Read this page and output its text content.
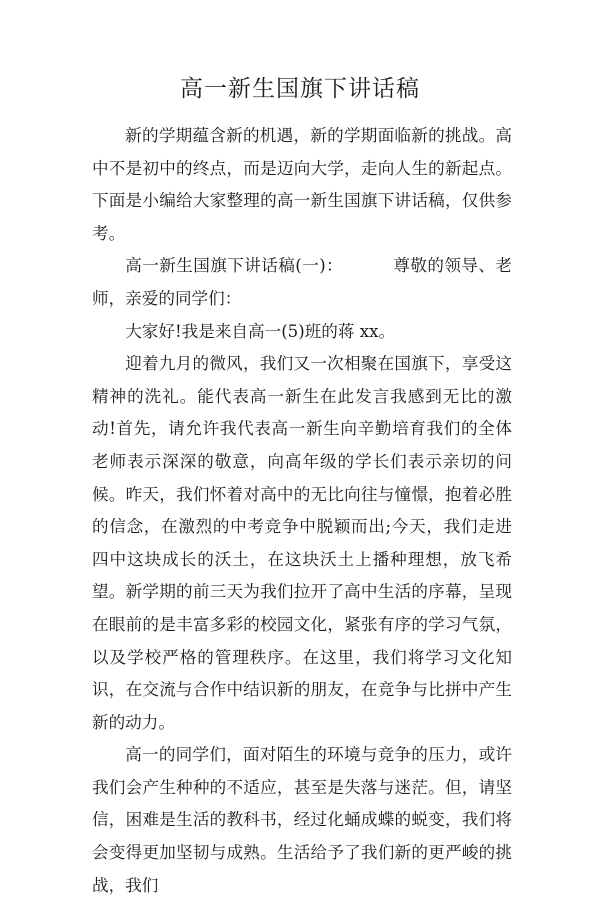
高一新生国旗下讲话稿

新的学期蕴含新的机遇，新的学期面临新的挑战。高中不是初中的终点，而是迈向大学，走向人生的新起点。下面是小编给大家整理的高一新生国旗下讲话稿，仅供参考。

高一新生国旗下讲话稿(一)：	尊敬的领导、老师，亲爱的同学们：

大家好!我是来自高一(5)班的蒋 xx。

迎着九月的微风，我们又一次相聚在国旗下，享受这精神的洗礼。能代表高一新生在此发言我感到无比的激动!首先，请允许我代表高一新生向辛勤培育我们的全体老师表示深深的敬意，向高年级的学长们表示亲切的问候。昨天，我们怀着对高中的无比向往与憧憬，抱着必胜的信念，在激烈的中考竞争中脱颖而出;今天，我们走进四中这块成长的沃土，在这块沃土上播种理想，放飞希望。新学期的前三天为我们拉开了高中生活的序幕，呈现在眼前的是丰富多彩的校园文化，紧张有序的学习气氛，以及学校严格的管理秩序。在这里，我们将学习文化知识，在交流与合作中结识新的朋友，在竞争与比拼中产生新的动力。

高一的同学们，面对陌生的环境与竞争的压力，或许我们会产生种种的不适应，甚至是失落与迷茫。但，请坚信，困难是生活的教科书，经过化蛹成蝶的蜕变，我们将会变得更加坚韧与成熟。生活给予了我们新的更严峻的挑战，我们
